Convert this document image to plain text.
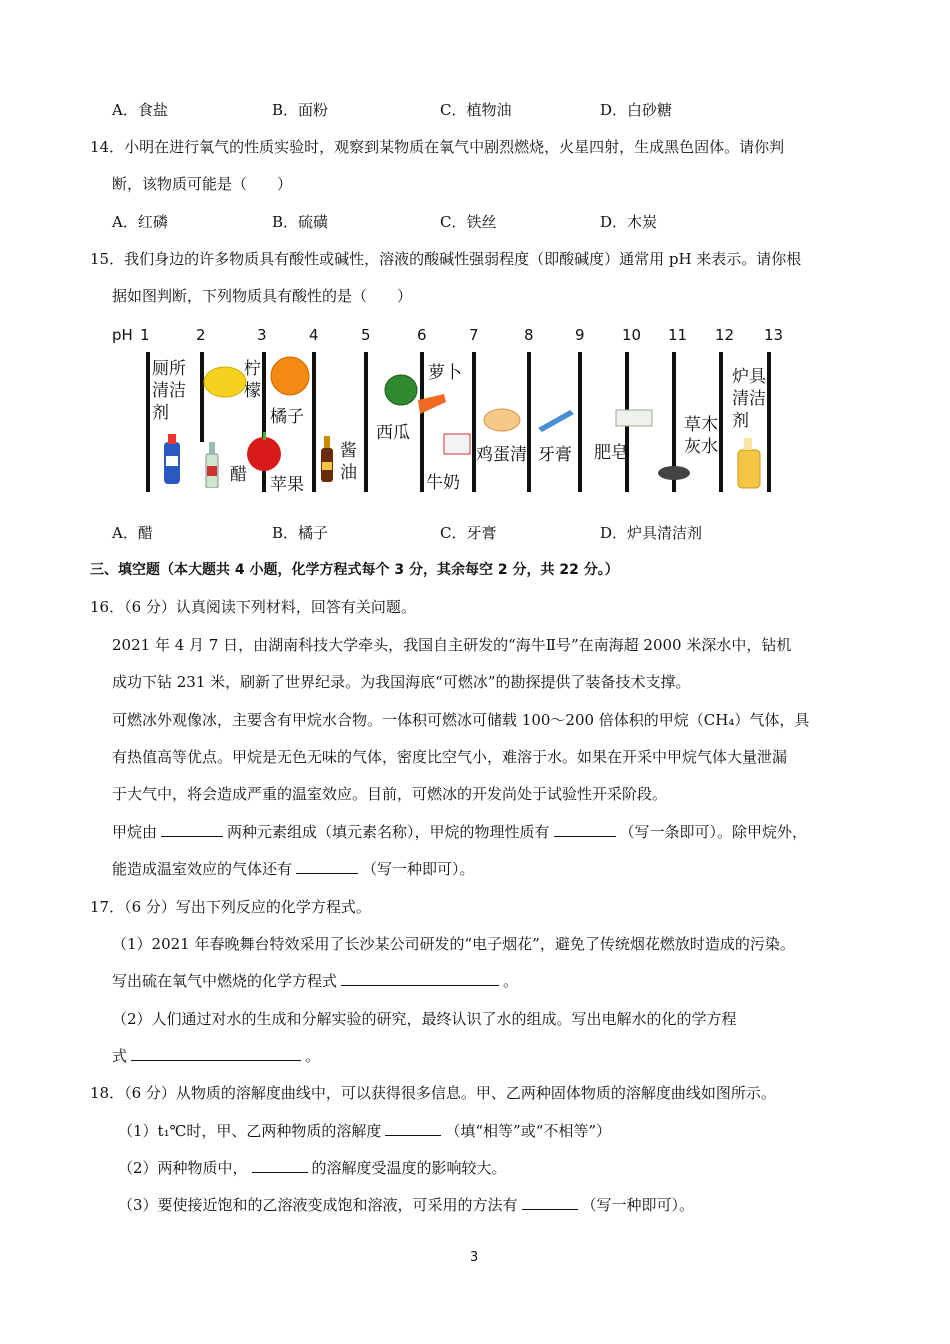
A．食盐	B．面粉	C．植物油	D．白砂糖
14．小明在进行氧气的性质实验时，观察到某物质在氧气中剧烈燃烧，火星四射，生成黑色固体。请你判
断，该物质可能是（　　）
A．红磷	B．硫磺	C．铁丝	D．木炭
15．我们身边的许多物质具有酸性或碱性，溶液的酸碱性强弱程度（即酸碱度）通常用 pH 来表示。请你根
据如图判断，下列物质具有酸性的是（　　）
pH 1	2	3	4	5	6	7	8	9 10 11 12 13
厕所清洁剂
柠檬
橘子
醋 苹果
酱油
西瓜
萝卜
牛奶
鸡蛋清 牙膏 肥皂
草木灰水
炉具清洁剂
A．醋	B．橘子	C．牙膏	D．炉具清洁剂
三、填空题（本大题共 4 小题，化学方程式每个 3 分，其余每空 2 分，共 22 分。）
16．（6 分）认真阅读下列材料，回答有关问题。
2021 年 4 月 7 日，由湖南科技大学牵头，我国自主研发的“海牛Ⅱ号”在南海超 2000 米深水中，钻机
成功下钻 231 米，刷新了世界纪录。为我国海底“可燃冰”的勘探提供了装备技术支撑。
可燃冰外观像冰，主要含有甲烷水合物。一体积可燃冰可储载 100～200 倍体积的甲烷（CH₄）气体，具
有热值高等优点。甲烷是无色无味的气体，密度比空气小，难溶于水。如果在开采中甲烷气体大量泄漏
于大气中，将会造成严重的温室效应。目前，可燃冰的开发尚处于试验性开采阶段。
甲烷由	两种元素组成（填元素名称），甲烷的物理性质有	（写一条即可）。除甲烷外，
能造成温室效应的气体还有	（写一种即可）。
17．（6 分）写出下列反应的化学方程式。
（1）2021 年春晚舞台特效采用了长沙某公司研发的“电子烟花”，避免了传统烟花燃放时造成的污染。
写出硫在氧气中燃烧的化学方程式	。
（2）人们通过对水的生成和分解实验的研究，最终认识了水的组成。写出电解水的化的学方程
式	。
18．（6 分）从物质的溶解度曲线中，可以获得很多信息。甲、乙两种固体物质的溶解度曲线如图所示。
（1）t₁℃时，甲、乙两种物质的溶解度	（填“相等”或“不相等”）
（2）两种物质中，	的溶解度受温度的影响较大。
（3）要使接近饱和的乙溶液变成饱和溶液，可采用的方法有	（写一种即可）。
3
